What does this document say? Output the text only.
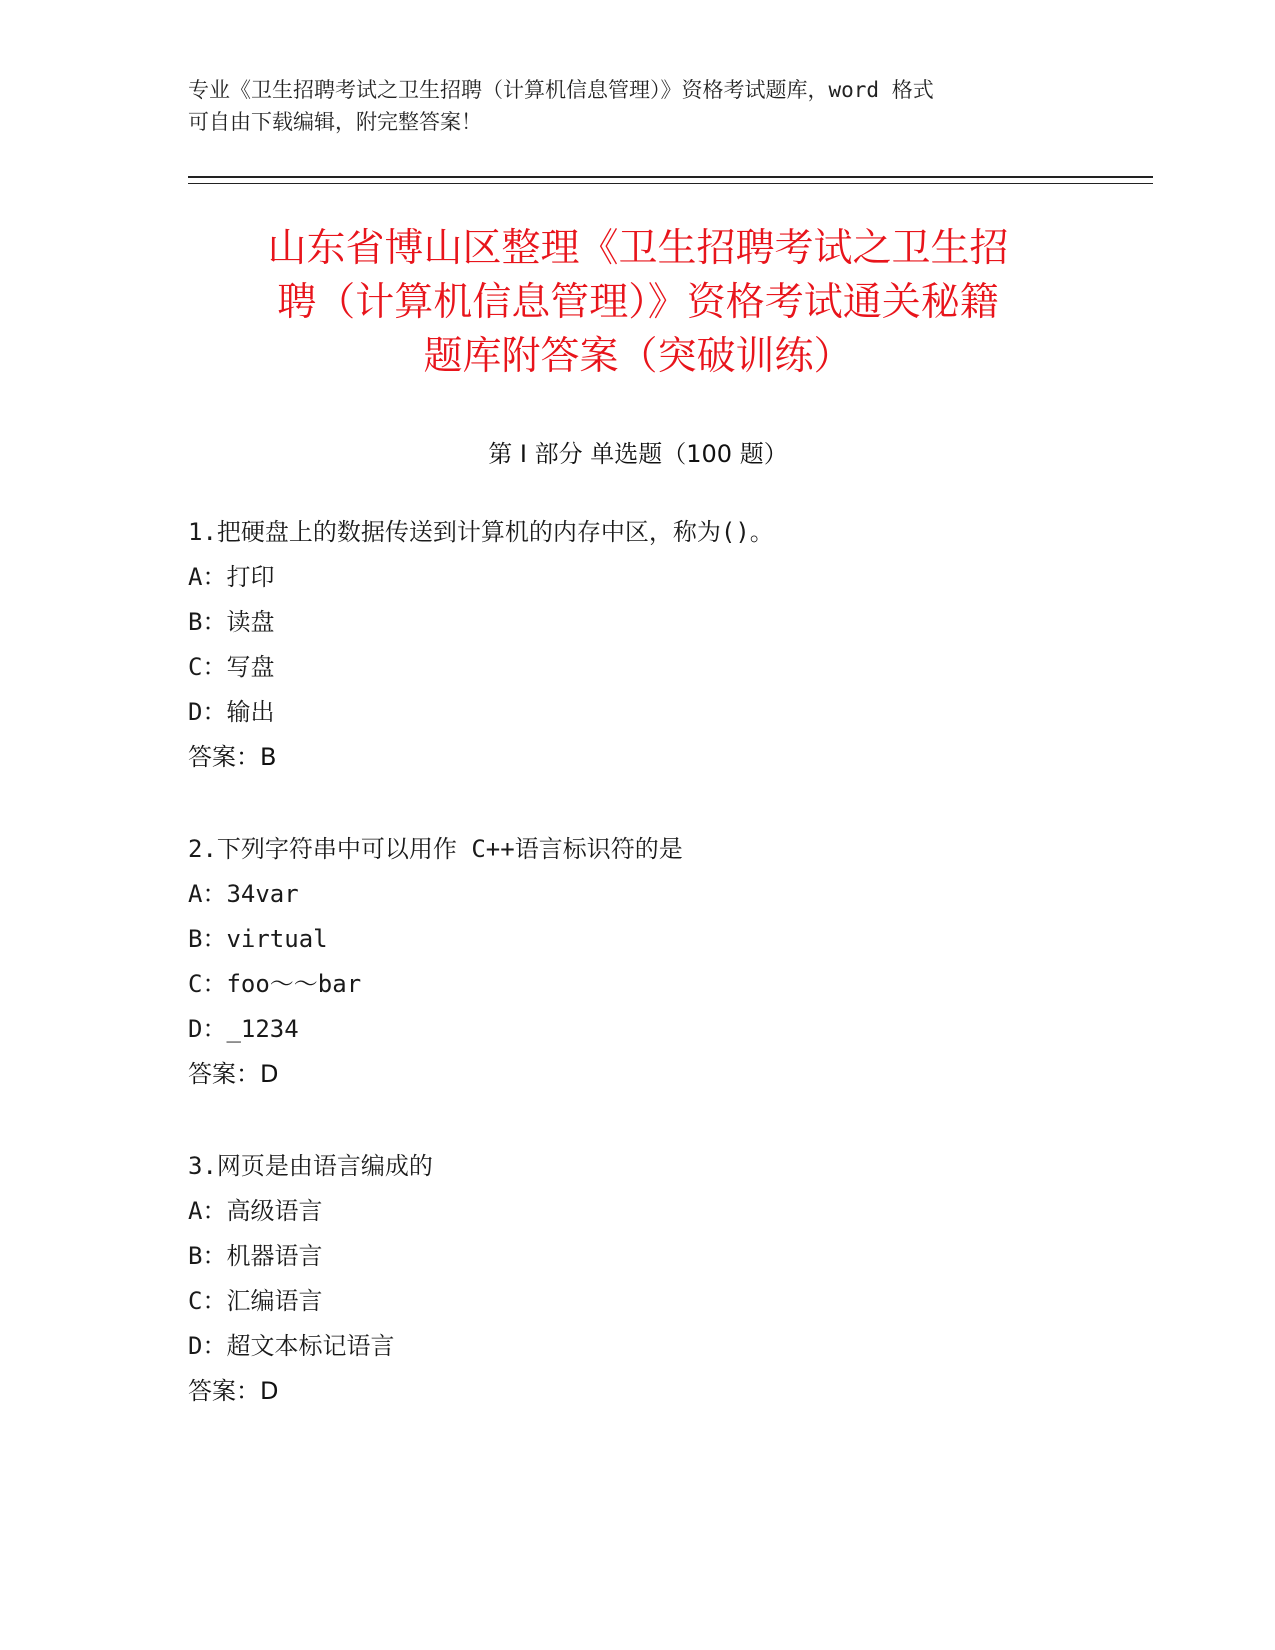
专业《卫生招聘考试之卫生招聘（计算机信息管理）》资格考试题库，word 格式
可自由下载编辑，附完整答案！
山东省博山区整理《卫生招聘考试之卫生招
聘（计算机信息管理）》资格考试通关秘籍
题库附答案（突破训练）
第 I 部分 单选题（100 题）
1.把硬盘上的数据传送到计算机的内存中区，称为()。
A：打印
B：读盘
C：写盘
D：输出
答案：B
2.下列字符串中可以用作 C++语言标识符的是
A：34var
B：virtual
C：foo～～bar
D：_1234
答案：D
3.网页是由语言编成的
A：高级语言
B：机器语言
C：汇编语言
D：超文本标记语言
答案：D
